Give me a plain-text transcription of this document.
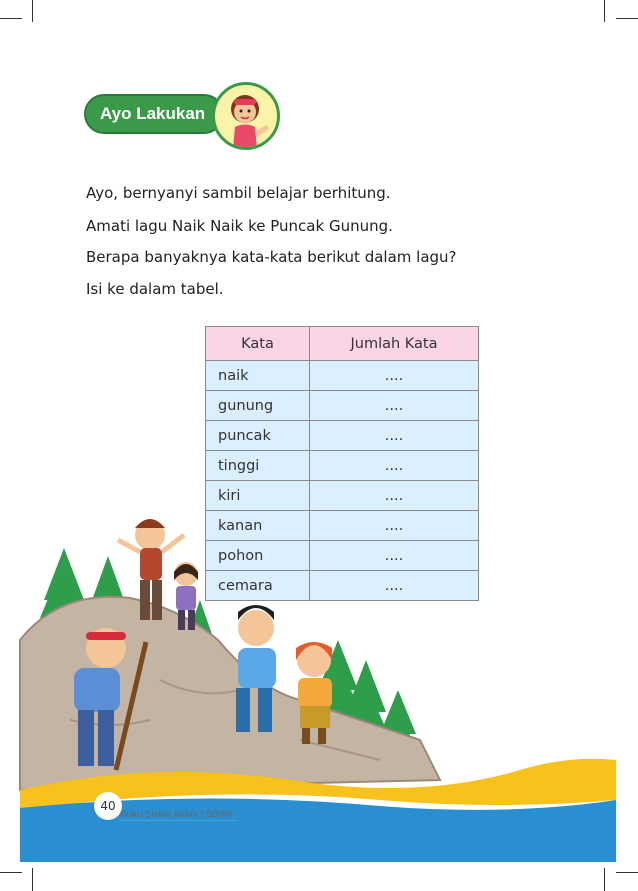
Ayo Lakukan
Ayo, bernyanyi sambil belajar berhitung.
Amati lagu Naik Naik ke Puncak Gunung.
Berapa banyaknya kata-kata berikut dalam lagu?
Isi ke dalam tabel.
Kata	Jumlah Kata
naik	....
gunung	....
puncak	....
tinggi	....
kiri	....
kanan	....
pohon	....
cemara	....
40
Buku Siswa Kelas I SD/MI
